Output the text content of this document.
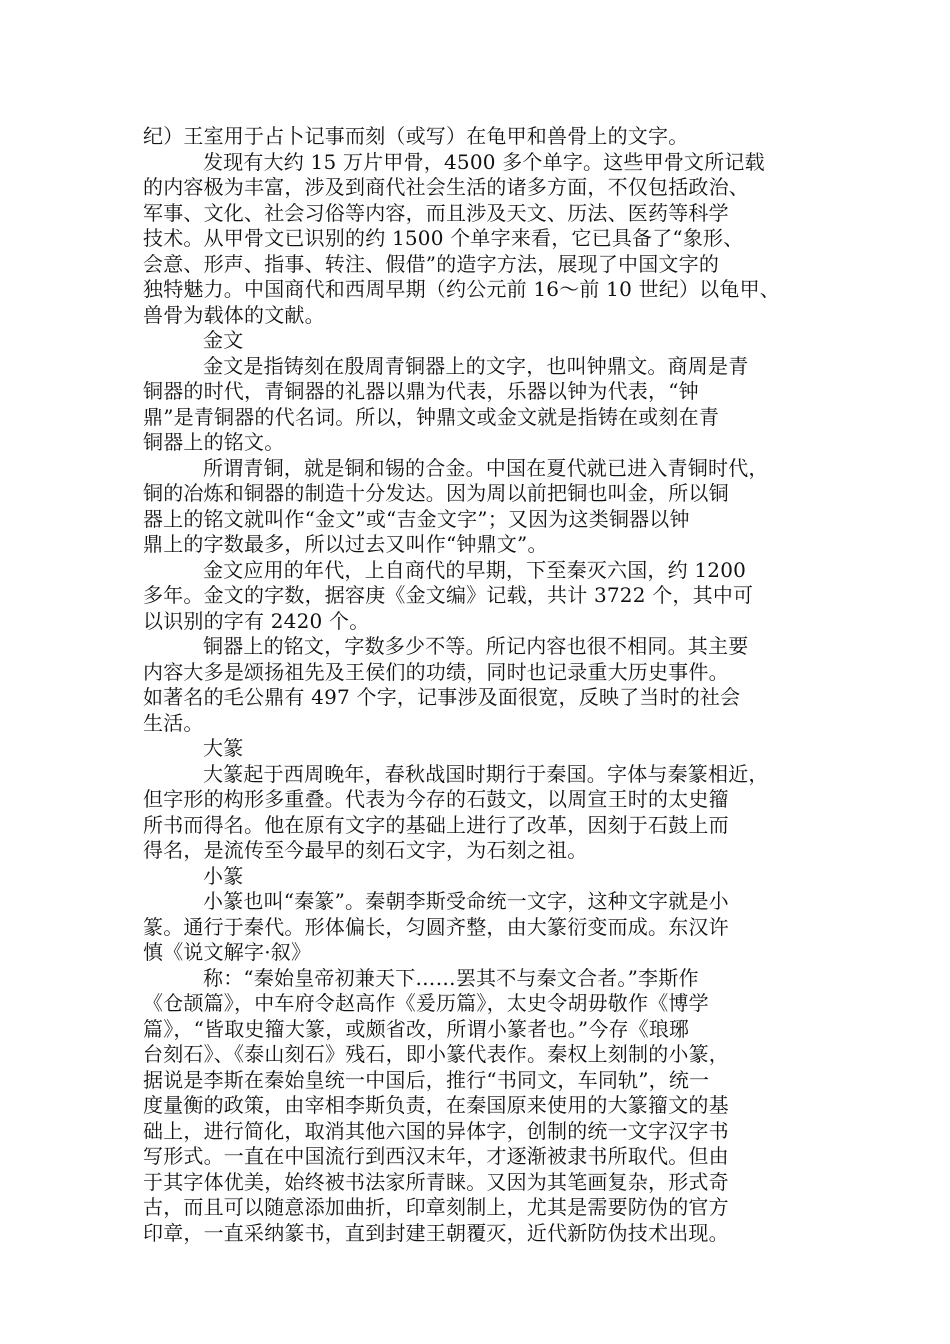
纪）王室用于占卜记事而刻（或写）在龟甲和兽骨上的文字。
发现有大约 15 万片甲骨，4500 多个单字。这些甲骨文所记载
的内容极为丰富，涉及到商代社会生活的诸多方面，不仅包括政治、
军事、文化、社会习俗等内容，而且涉及天文、历法、医药等科学
技术。从甲骨文已识别的约 1500 个单字来看，它已具备了“象形、
会意、形声、指事、转注、假借”的造字方法，展现了中国文字的
独特魅力。中国商代和西周早期（约公元前 16～前 10 世纪）以龟甲、
兽骨为载体的文献。
金文
金文是指铸刻在殷周青铜器上的文字，也叫钟鼎文。商周是青
铜器的时代，青铜器的礼器以鼎为代表，乐器以钟为代表，“钟
鼎”是青铜器的代名词。所以，钟鼎文或金文就是指铸在或刻在青
铜器上的铭文。
所谓青铜，就是铜和锡的合金。中国在夏代就已进入青铜时代，
铜的冶炼和铜器的制造十分发达。因为周以前把铜也叫金，所以铜
器上的铭文就叫作“金文”或“吉金文字”；又因为这类铜器以钟
鼎上的字数最多，所以过去又叫作“钟鼎文”。
金文应用的年代，上自商代的早期，下至秦灭六国，约 1200
多年。金文的字数，据容庚《金文编》记载，共计 3722 个，其中可
以识别的字有 2420 个。
铜器上的铭文，字数多少不等。所记内容也很不相同。其主要
内容大多是颂扬祖先及王侯们的功绩，同时也记录重大历史事件。
如著名的毛公鼎有 497 个字，记事涉及面很宽，反映了当时的社会
生活。
大篆
大篆起于西周晚年，春秋战国时期行于秦国。字体与秦篆相近，
但字形的构形多重叠。代表为今存的石鼓文，以周宣王时的太史籀
所书而得名。他在原有文字的基础上进行了改革，因刻于石鼓上而
得名，是流传至今最早的刻石文字，为石刻之祖。
小篆
小篆也叫“秦篆”。秦朝李斯受命统一文字，这种文字就是小
篆。通行于秦代。形体偏长，匀圆齐整，由大篆衍变而成。东汉许
慎《说文解字·叙》
称：“秦始皇帝初兼天下……罢其不与秦文合者。”李斯作
《仓颉篇》，中车府令赵高作《爰历篇》，太史令胡毋敬作《博学
篇》，“皆取史籀大篆，或颇省改，所谓小篆者也。”今存《琅琊
台刻石》、《泰山刻石》残石，即小篆代表作。秦权上刻制的小篆，
据说是李斯在秦始皇统一中国后，推行“书同文，车同轨”，统一
度量衡的政策，由宰相李斯负责，在秦国原来使用的大篆籀文的基
础上，进行简化，取消其他六国的异体字，创制的统一文字汉字书
写形式。一直在中国流行到西汉末年，才逐渐被隶书所取代。但由
于其字体优美，始终被书法家所青睐。又因为其笔画复杂，形式奇
古，而且可以随意添加曲折，印章刻制上，尤其是需要防伪的官方
印章，一直采纳篆书，直到封建王朝覆灭，近代新防伪技术出现。
